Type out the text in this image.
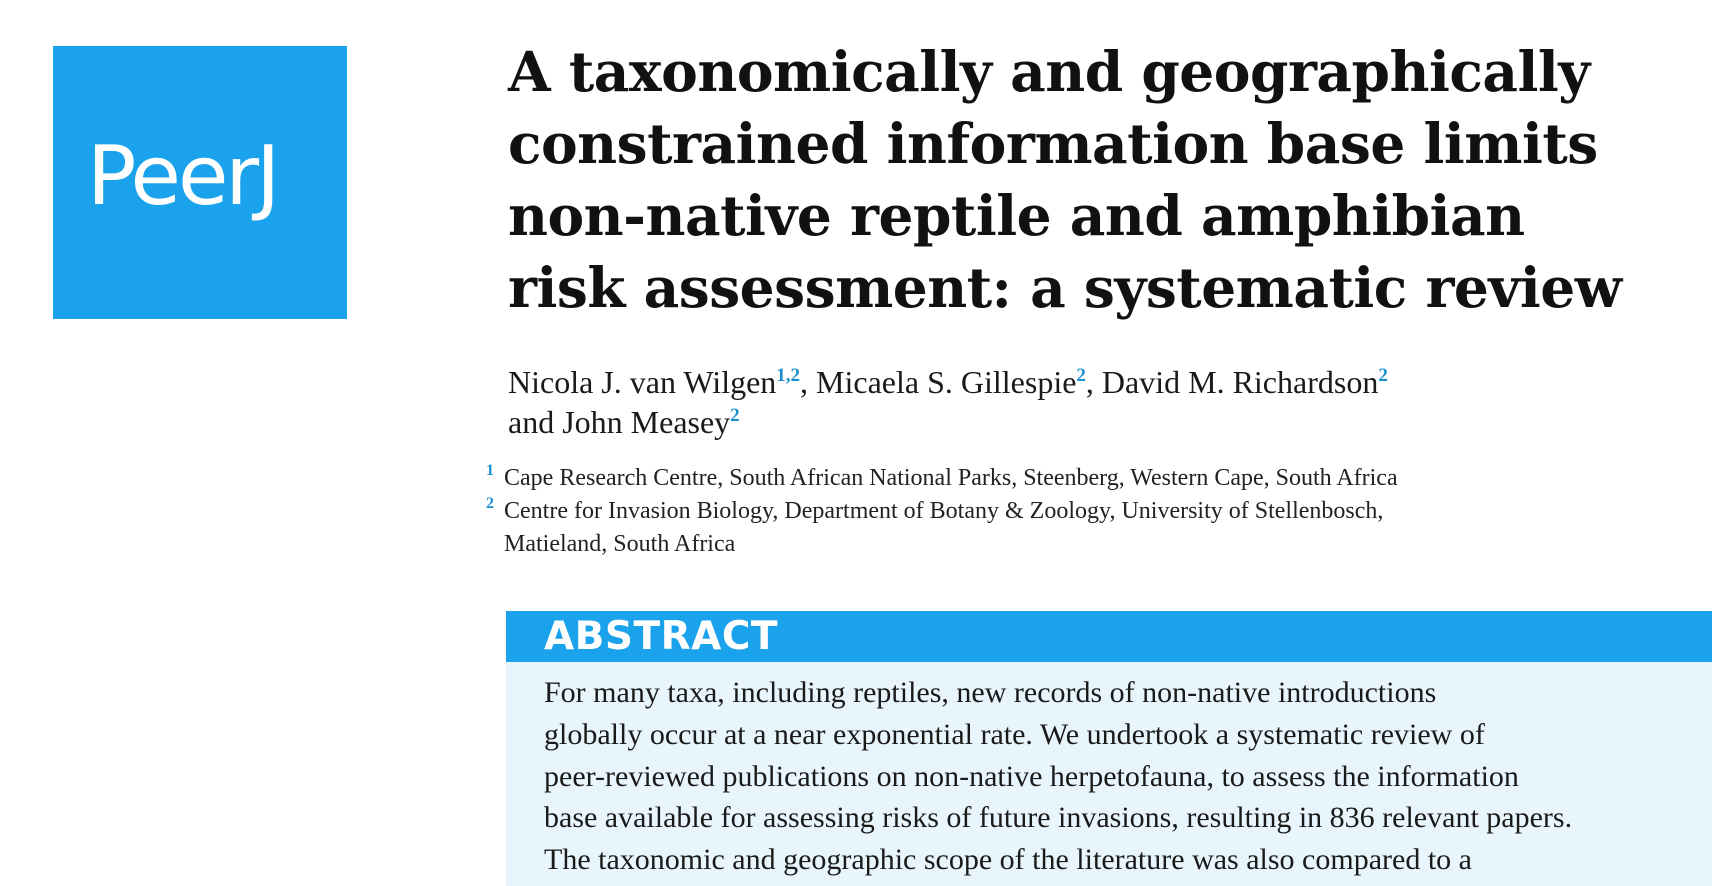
PeerJ
A taxonomically and geographically
constrained information base limits
non-native reptile and amphibian
risk assessment: a systematic review
Nicola J. van Wilgen$^{1,2}$, Micaela S. Gillespie$^2$, David M. Richardson$^2$
and John Measey$^2$
1 Cape Research Centre, South African National Parks, Steenberg, Western Cape, South Africa
2 Centre for Invasion Biology, Department of Botany & Zoology, University of Stellenbosch,
Matieland, South Africa
ABSTRACT
For many taxa, including reptiles, new records of non-native introductions
globally occur at a near exponential rate. We undertook a systematic review of
peer-reviewed publications on non-native herpetofauna, to assess the information
base available for assessing risks of future invasions, resulting in 836 relevant papers.
The taxonomic and geographic scope of the literature was also compared to a
